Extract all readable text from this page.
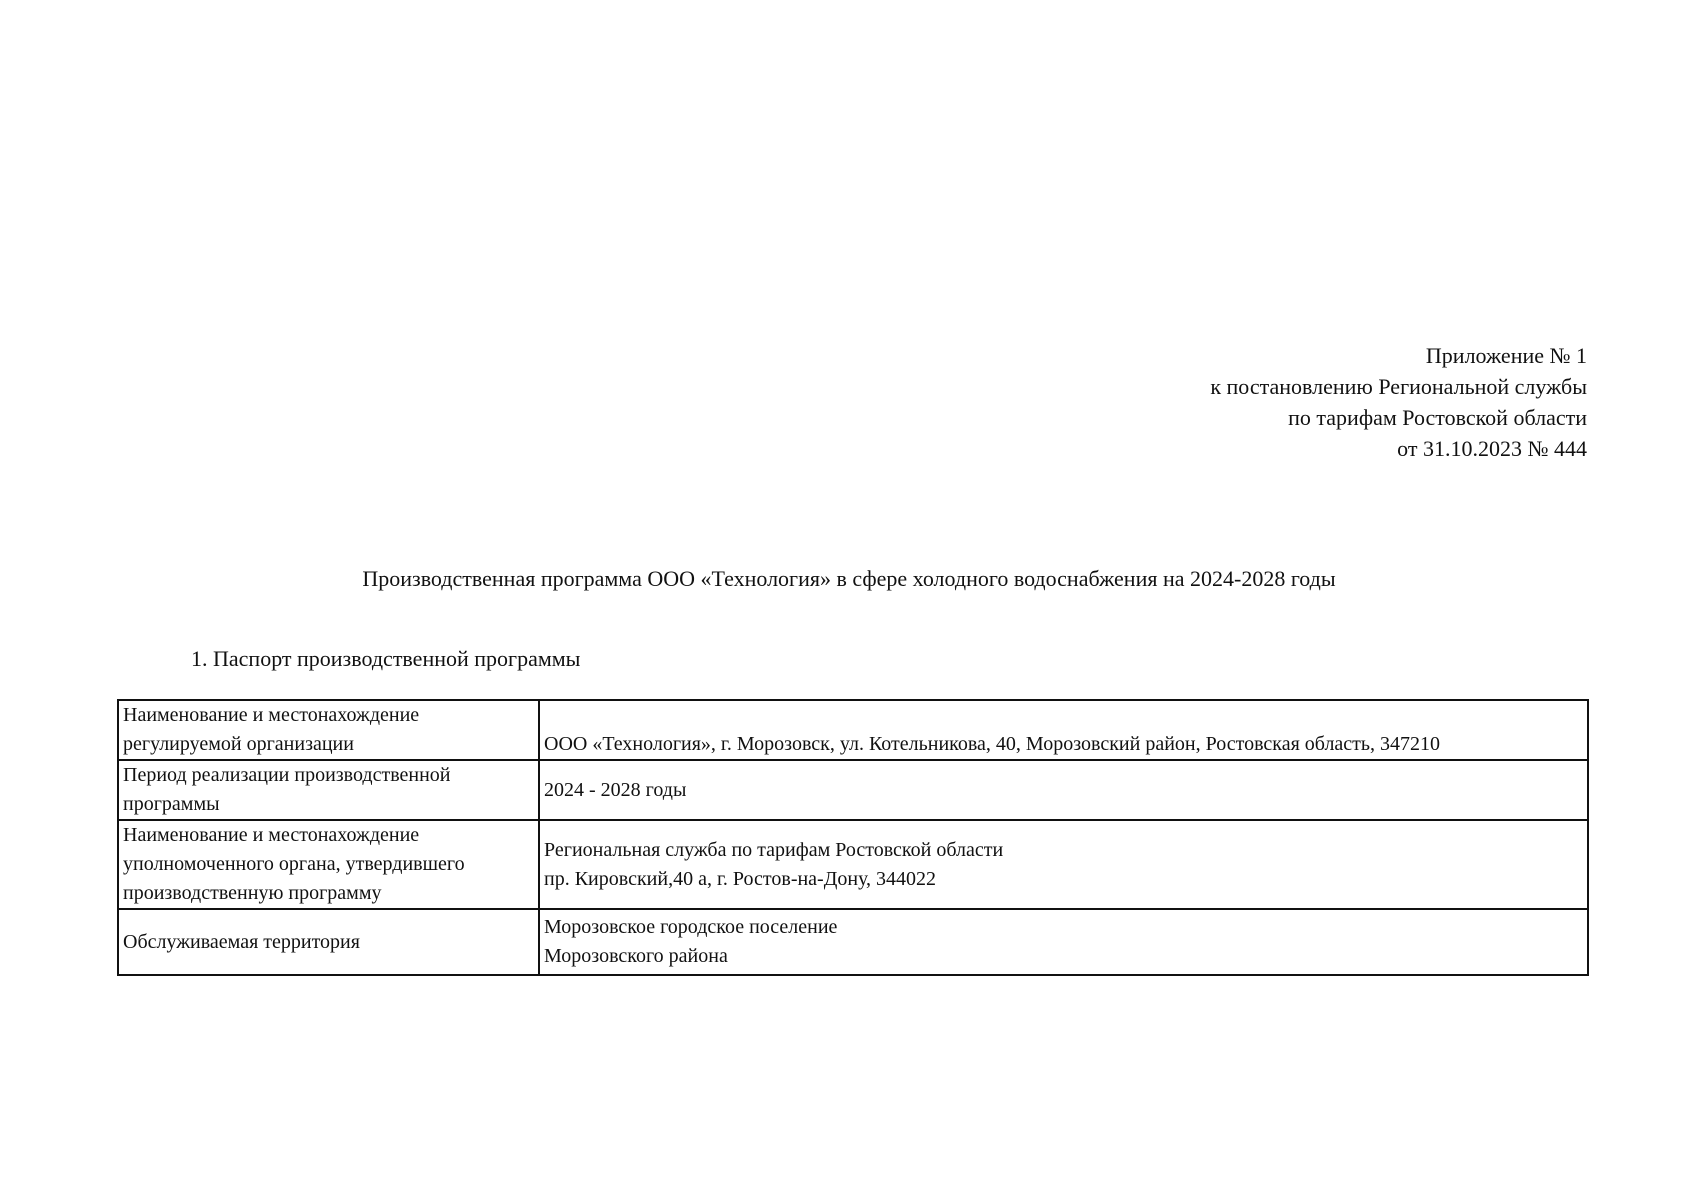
Приложение № 1
к постановлению Региональной службы
по тарифам Ростовской области
от 31.10.2023 № 444
Производственная программа ООО «Технология» в сфере холодного водоснабжения на 2024-2028 годы
1. Паспорт производственной программы
Наименование и местонахождение
регулируемой организации	ООО «Технология», г. Морозовск, ул. Котельникова, 40, Морозовский район, Ростовская область, 347210

Период реализации производственной
программы	2024 - 2028 годы

Наименование и местонахождение
уполномоченного органа, утвердившего
производственную программу	Региональная служба по тарифам Ростовской области
пр. Кировский,40 а, г. Ростов-на-Дону, 344022

Обслуживаемая территория	Морозовское городское поселение
Морозовского района
